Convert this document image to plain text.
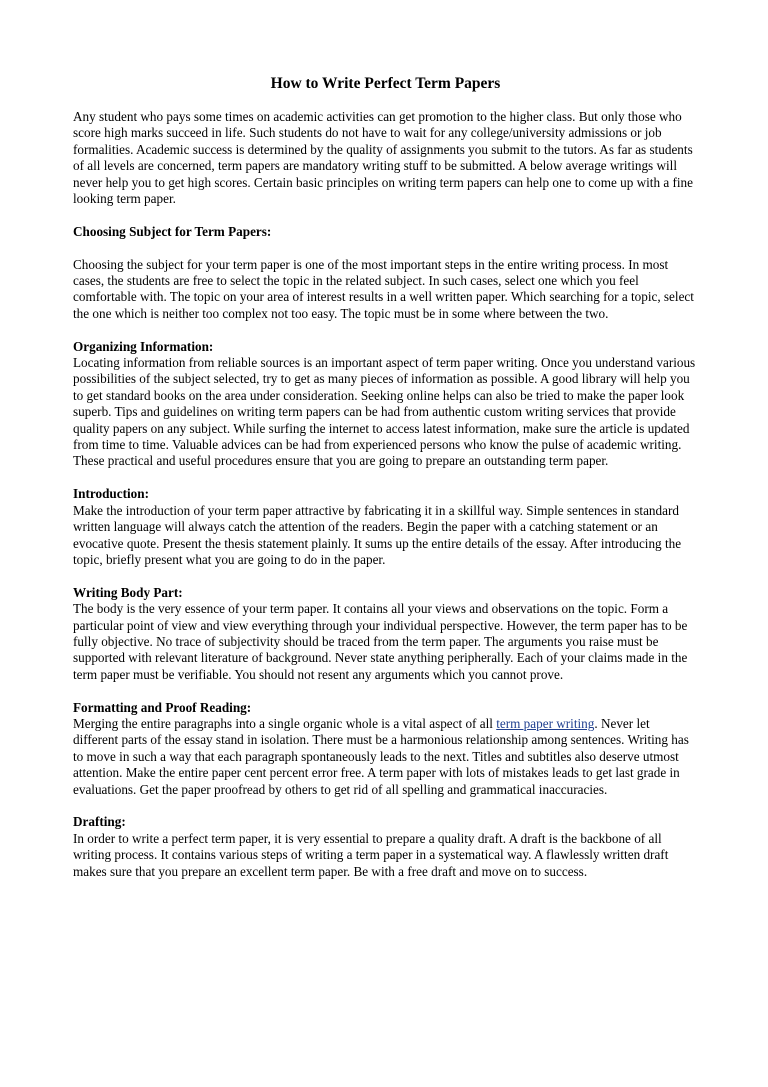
How to Write Perfect Term Papers

Any student who pays some times on academic activities can get promotion to the higher class. But only those who score high marks succeed in life. Such students do not have to wait for any college/university admissions or job formalities. Academic success is determined by the quality of assignments you submit to the tutors. As far as students of all levels are concerned, term papers are mandatory writing stuff to be submitted. A below average writings will never help you to get high scores. Certain basic principles on writing term papers can help one to come up with a fine looking term paper.

Choosing Subject for Term Papers:

Choosing the subject for your term paper is one of the most important steps in the entire writing process. In most cases, the students are free to select the topic in the related subject. In such cases, select one which you feel comfortable with. The topic on your area of interest results in a well written paper. Which searching for a topic, select the one which is neither too complex not too easy. The topic must be in some where between the two.

Organizing Information:

Locating information from reliable sources is an important aspect of term paper writing. Once you understand various possibilities of the subject selected, try to get as many pieces of information as possible. A good library will help you to get standard books on the area under consideration. Seeking online helps can also be tried to make the paper look superb. Tips and guidelines on writing term papers can be had from authentic custom writing services that provide quality papers on any subject. While surfing the internet to access latest information, make sure the article is updated from time to time. Valuable advices can be had from experienced persons who know the pulse of academic writing. These practical and useful procedures ensure that you are going to prepare an outstanding term paper.

Introduction:

Make the introduction of your term paper attractive by fabricating it in a skillful way. Simple sentences in standard written language will always catch the attention of the readers. Begin the paper with a catching statement or an evocative quote. Present the thesis statement plainly. It sums up the entire details of the essay. After introducing the topic, briefly present what you are going to do in the paper.

Writing Body Part:

The body is the very essence of your term paper. It contains all your views and observations on the topic. Form a particular point of view and view everything through your individual perspective. However, the term paper has to be fully objective. No trace of subjectivity should be traced from the term paper. The arguments you raise must be supported with relevant literature of background. Never state anything peripherally. Each of your claims made in the term paper must be verifiable. You should not resent any arguments which you cannot prove.

Formatting and Proof Reading:

Merging the entire paragraphs into a single organic whole is a vital aspect of all term paper writing. Never let different parts of the essay stand in isolation. There must be a harmonious relationship among sentences. Writing has to move in such a way that each paragraph spontaneously leads to the next. Titles and subtitles also deserve utmost attention. Make the entire paper cent percent error free. A term paper with lots of mistakes leads to get last grade in evaluations. Get the paper proofread by others to get rid of all spelling and grammatical inaccuracies.

Drafting:

In order to write a perfect term paper, it is very essential to prepare a quality draft. A draft is the backbone of all writing process. It contains various steps of writing a term paper in a systematical way. A flawlessly written draft makes sure that you prepare an excellent term paper. Be with a free draft and move on to success.
